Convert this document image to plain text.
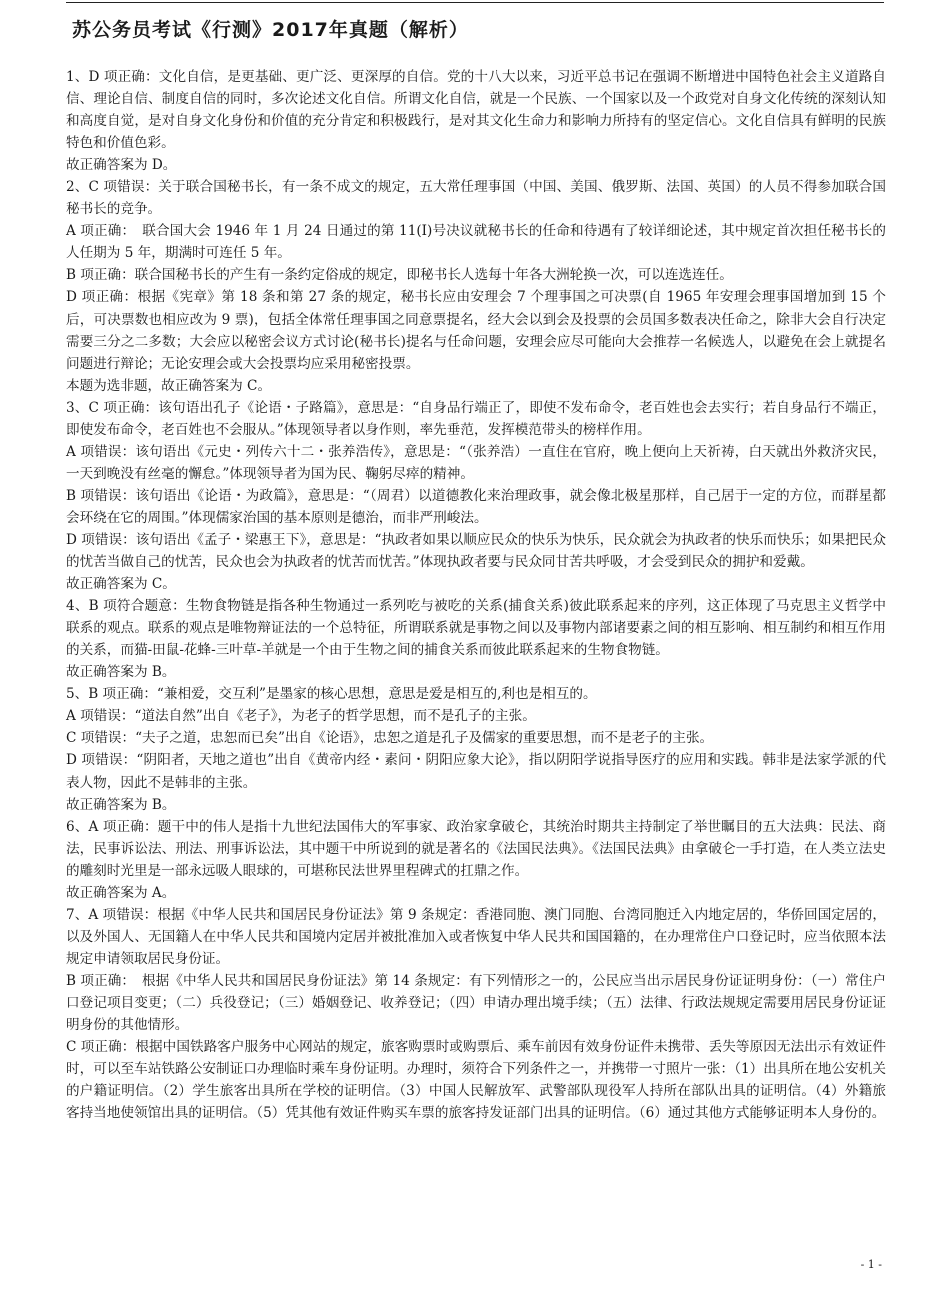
苏公务员考试《行测》2017年真题（解析）

1、D 项正确：文化自信，是更基础、更广泛、更深厚的自信。党的十八大以来，习近平总书记在强调不断增进中国特色社会主义道路自信、理论自信、制度自信的同时，多次论述文化自信。所谓文化自信，就是一个民族、一个国家以及一个政党对自身文化传统的深刻认知和高度自觉，是对自身文化身份和价值的充分肯定和积极践行，是对其文化生命力和影响力所持有的坚定信心。文化自信具有鲜明的民族特色和价值色彩。

故正确答案为 D。

2、C 项错误：关于联合国秘书长，有一条不成文的规定，五大常任理事国（中国、美国、俄罗斯、法国、英国）的人员不得参加联合国秘书长的竞争。

A 项正确：　联合国大会 1946 年 1 月 24 日通过的第 11(I)号决议就秘书长的任命和待遇有了较详细论述，其中规定首次担任秘书长的人任期为 5 年，期满时可连任 5 年。

B 项正确：联合国秘书长的产生有一条约定俗成的规定，即秘书长人选每十年各大洲轮换一次，可以连选连任。

D 项正确：根据《宪章》第 18 条和第 27 条的规定，秘书长应由安理会 7 个理事国之可决票(自 1965 年安理会理事国增加到 15 个后，可决票数也相应改为 9 票)，包括全体常任理事国之同意票提名，经大会以到会及投票的会员国多数表决任命之，除非大会自行决定需要三分之二多数；大会应以秘密会议方式讨论(秘书长)提名与任命问题，安理会应尽可能向大会推荐一名候选人，以避免在会上就提名问题进行辩论；无论安理会或大会投票均应采用秘密投票。

本题为选非题，故正确答案为 C。

3、C 项正确：该句语出孔子《论语・子路篇》，意思是：“自身品行端正了，即使不发布命令，老百姓也会去实行；若自身品行不端正，即使发布命令，老百姓也不会服从。”体现领导者以身作则，率先垂范，发挥模范带头的榜样作用。

A 项错误：该句语出《元史・列传六十二・张养浩传》，意思是：“（张养浩）一直住在官府，晚上便向上天祈祷，白天就出外救济灾民，一天到晚没有丝毫的懈怠。”体现领导者为国为民、鞠躬尽瘁的精神。

B 项错误：该句语出《论语・为政篇》，意思是：“（周君）以道德教化来治理政事，就会像北极星那样，自己居于一定的方位，而群星都会环绕在它的周围。”体现儒家治国的基本原则是德治，而非严刑峻法。

D 项错误：该句语出《孟子・梁惠王下》，意思是：“执政者如果以顺应民众的快乐为快乐，民众就会为执政者的快乐而快乐；如果把民众的忧苦当做自己的忧苦，民众也会为执政者的忧苦而忧苦。”体现执政者要与民众同甘苦共呼吸，才会受到民众的拥护和爱戴。

故正确答案为 C。

4、B 项符合题意：生物食物链是指各种生物通过一系列吃与被吃的关系(捕食关系)彼此联系起来的序列，这正体现了马克思主义哲学中联系的观点。联系的观点是唯物辩证法的一个总特征，所谓联系就是事物之间以及事物内部诸要素之间的相互影响、相互制约和相互作用的关系，而猫-田鼠-花蜂-三叶草-羊就是一个由于生物之间的捕食关系而彼此联系起来的生物食物链。

故正确答案为 B。

5、B 项正确：“兼相爱，交互利”是墨家的核心思想，意思是爱是相互的,利也是相互的。

A 项错误：“道法自然”出自《老子》，为老子的哲学思想，而不是孔子的主张。

C 项错误：“夫子之道，忠恕而已矣”出自《论语》，忠恕之道是孔子及儒家的重要思想，而不是老子的主张。

D 项错误：“阴阳者，天地之道也”出自《黄帝内经・素问・阴阳应象大论》，指以阴阳学说指导医疗的应用和实践。韩非是法家学派的代表人物，因此不是韩非的主张。

故正确答案为 B。

6、A 项正确：题干中的伟人是指十九世纪法国伟大的军事家、政治家拿破仑，其统治时期共主持制定了举世瞩目的五大法典：民法、商法，民事诉讼法、刑法、刑事诉讼法，其中题干中所说到的就是著名的《法国民法典》。《法国民法典》由拿破仑一手打造，在人类立法史的雕刻时光里是一部永远吸人眼球的，可堪称民法世界里程碑式的扛鼎之作。

故正确答案为 A。

7、A 项错误：根据《中华人民共和国居民身份证法》第 9 条规定：香港同胞、澳门同胞、台湾同胞迁入内地定居的，华侨回国定居的，以及外国人、无国籍人在中华人民共和国境内定居并被批准加入或者恢复中华人民共和国国籍的，在办理常住户口登记时，应当依照本法规定申请领取居民身份证。

B 项正确：　根据《中华人民共和国居民身份证法》第 14 条规定：有下列情形之一的，公民应当出示居民身份证证明身份：（一）常住户口登记项目变更；（二）兵役登记；（三）婚姻登记、收养登记；（四）申请办理出境手续；（五）法律、行政法规规定需要用居民身份证证明身份的其他情形。

C 项正确：根据中国铁路客户服务中心网站的规定，旅客购票时或购票后、乘车前因有效身份证件未携带、丢失等原因无法出示有效证件时，可以至车站铁路公安制证口办理临时乘车身份证明。办理时，须符合下列条件之一，并携带一寸照片一张：（1）出具所在地公安机关的户籍证明信。（2）学生旅客出具所在学校的证明信。（3）中国人民解放军、武警部队现役军人持所在部队出具的证明信。（4）外籍旅客持当地使领馆出具的证明信。（5）凭其他有效证件购买车票的旅客持发证部门出具的证明信。（6）通过其他方式能够证明本人身份的。

- 1 -
